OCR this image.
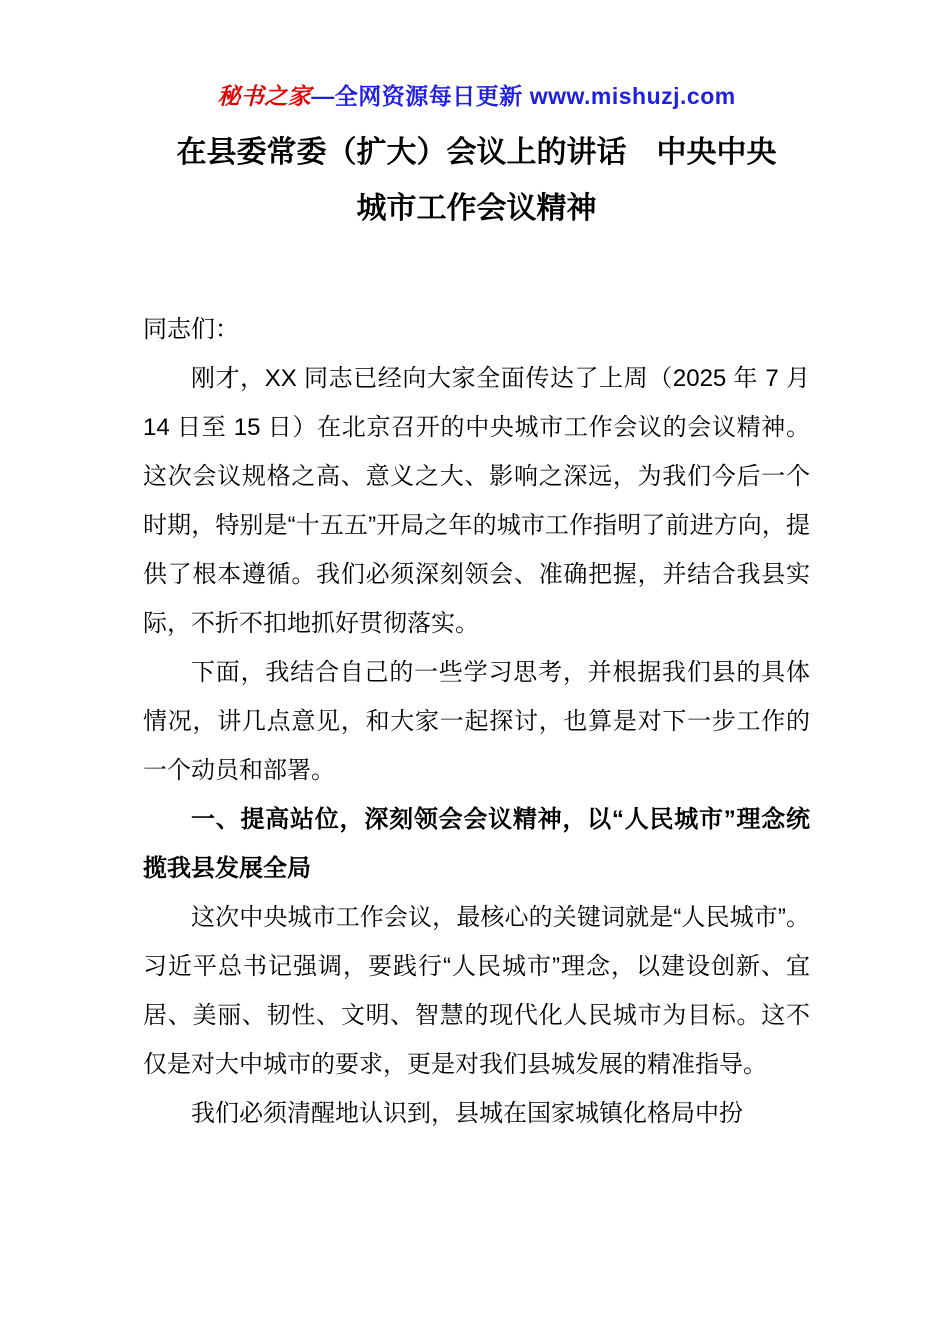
秘书之家—全网资源每日更新 www.mishuzj.com
在县委常委（扩大）会议上的讲话　中央中央城市工作会议精神

同志们：

刚才，XX 同志已经向大家全面传达了上周（2025 年 7 月 14 日至 15 日）在北京召开的中央城市工作会议的会议精神。这次会议规格之高、意义之大、影响之深远，为我们今后一个时期，特别是“十五五”开局之年的城市工作指明了前进方向，提供了根本遵循。我们必须深刻领会、准确把握，并结合我县实际，不折不扣地抓好贯彻落实。

下面，我结合自己的一些学习思考，并根据我们县的具体情况，讲几点意见，和大家一起探讨，也算是对下一步工作的一个动员和部署。

一、提高站位，深刻领会会议精神，以“人民城市”理念统揽我县发展全局

这次中央城市工作会议，最核心的关键词就是“人民城市”。习近平总书记强调，要践行“人民城市”理念，以建设创新、宜居、美丽、韧性、文明、智慧的现代化人民城市为目标。这不仅是对大中城市的要求，更是对我们县城发展的精准指导。

我们必须清醒地认识到，县城在国家城镇化格局中扮
